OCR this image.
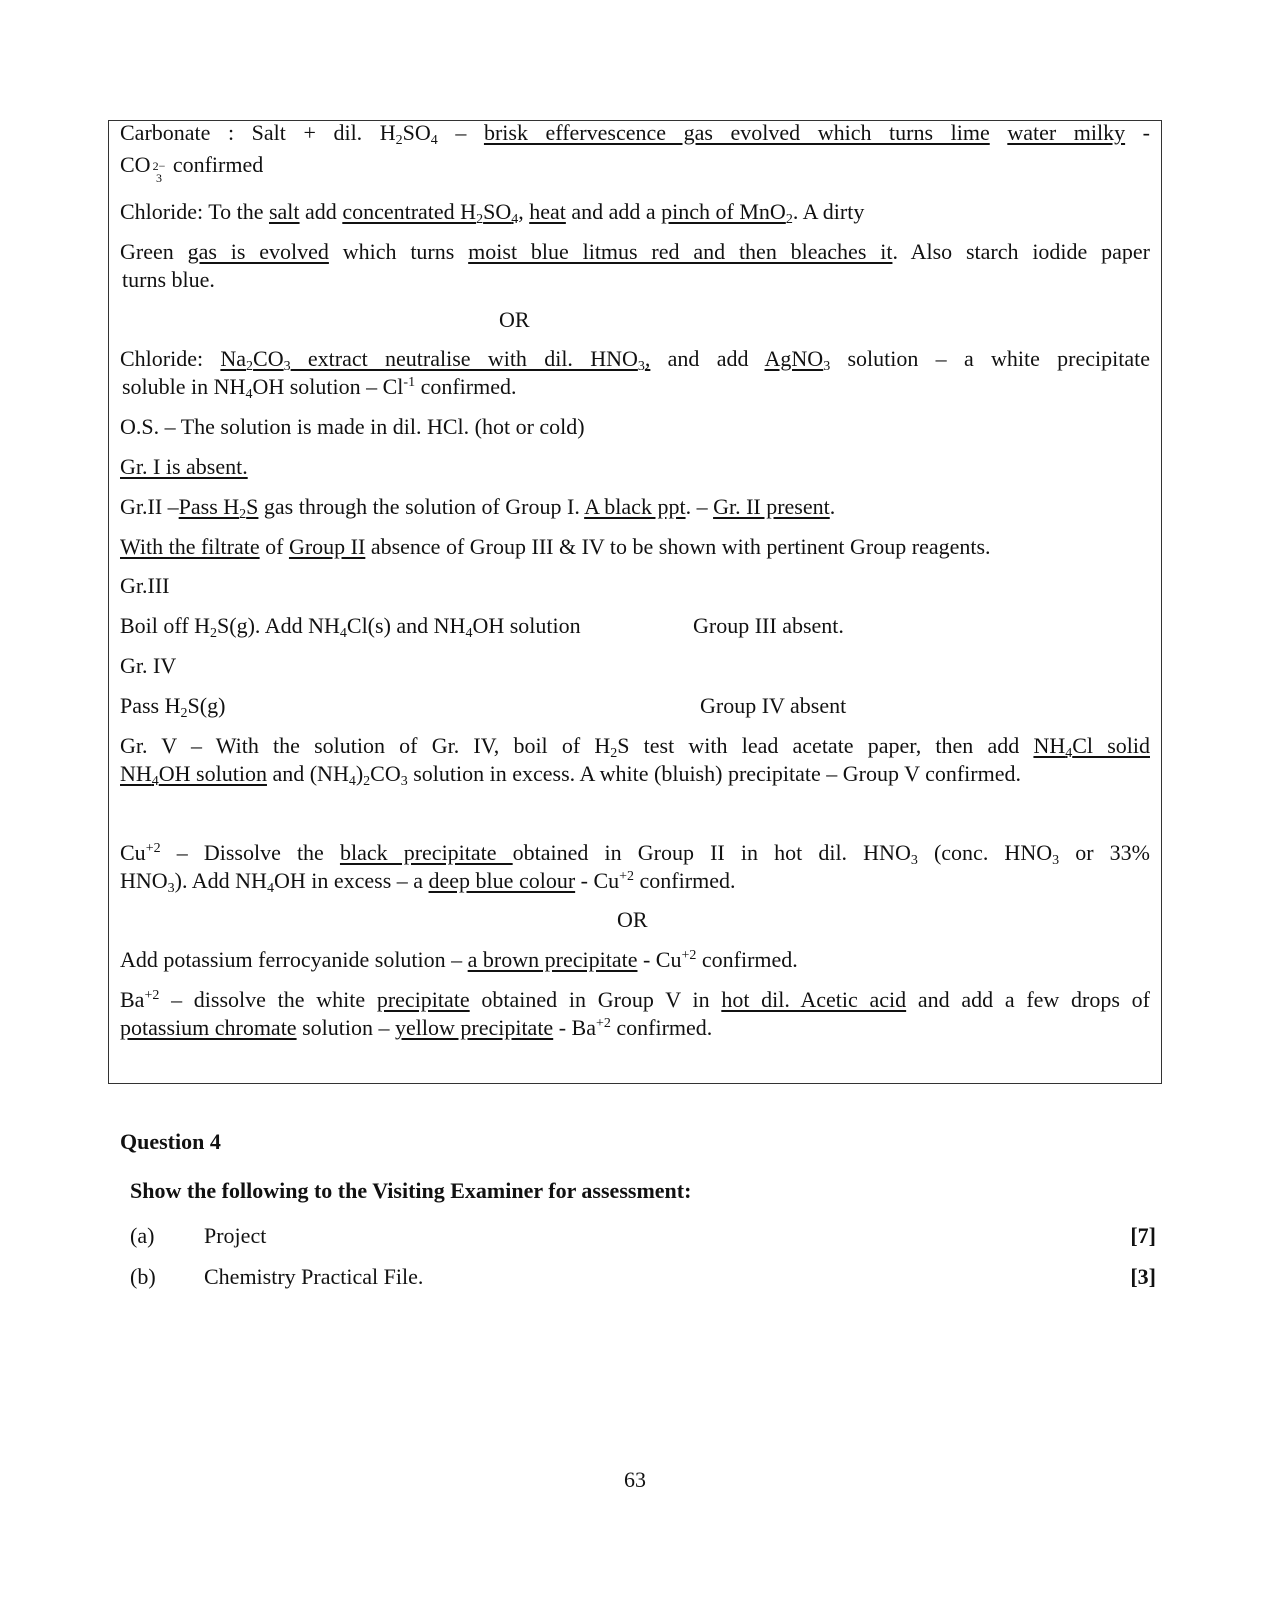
Carbonate : Salt + dil. $H_2SO_4$ – brisk effervescence gas evolved which turns lime water milky -
CO 2−
3
confirmed
Chloride: To the salt add concentrated $H_2SO_4$, heat and add a pinch of MnO$_2$. A dirty
Green gas is evolved which turns moist blue litmus red and then bleaches it. Also starch iodide paper
turns blue.
OR
Chloride: $Na_2CO_3$ extract neutralise with dil. $HNO_3$, and add AgNO$_3$ solution – a white precipitate
soluble in $NH_4OH$ solution – $Cl^{-1}$ confirmed.
O.S. – The solution is made in dil. HCl. (hot or cold)
Gr. I is absent.
Gr.II –Pass $H_2S$ gas through the solution of Group I. A black ppt. – Gr. II present.
With the filtrate of Group II absence of Group III & IV to be shown with pertinent Group reagents.
Gr.III
Boil off $H_2S(g)$. Add $NH_4Cl(s)$ and $NH_4OH$ solution	Group III absent.
Gr. IV
Pass $H_2S(g)$	Group IV absent
Gr. V – With the solution of Gr. IV, boil of $H_2S$ test with lead acetate paper, then add $NH_4Cl$ solid
$NH_4OH$ solution and $(NH_4)_2CO_3$ solution in excess. A white (bluish) precipitate – Group V confirmed.
$Cu^{+2}$ – Dissolve the black precipitate obtained in Group II in hot dil. $HNO_3$ (conc. $HNO_3$ or 33%
$HNO_3$). Add $NH_4OH$ in excess – a deep blue colour - $Cu^{+2}$ confirmed.
OR
Add potassium ferrocyanide solution – a brown precipitate - $Cu^{+2}$ confirmed.
$Ba^{+2}$ – dissolve the white precipitate obtained in Group V in hot dil. Acetic acid and add a few drops of
potassium chromate solution – yellow precipitate - $Ba^{+2}$ confirmed.
Question 4
Show the following to the Visiting Examiner for assessment:
(a) Project	[7]
(b) Chemistry Practical File.	[3]
63
